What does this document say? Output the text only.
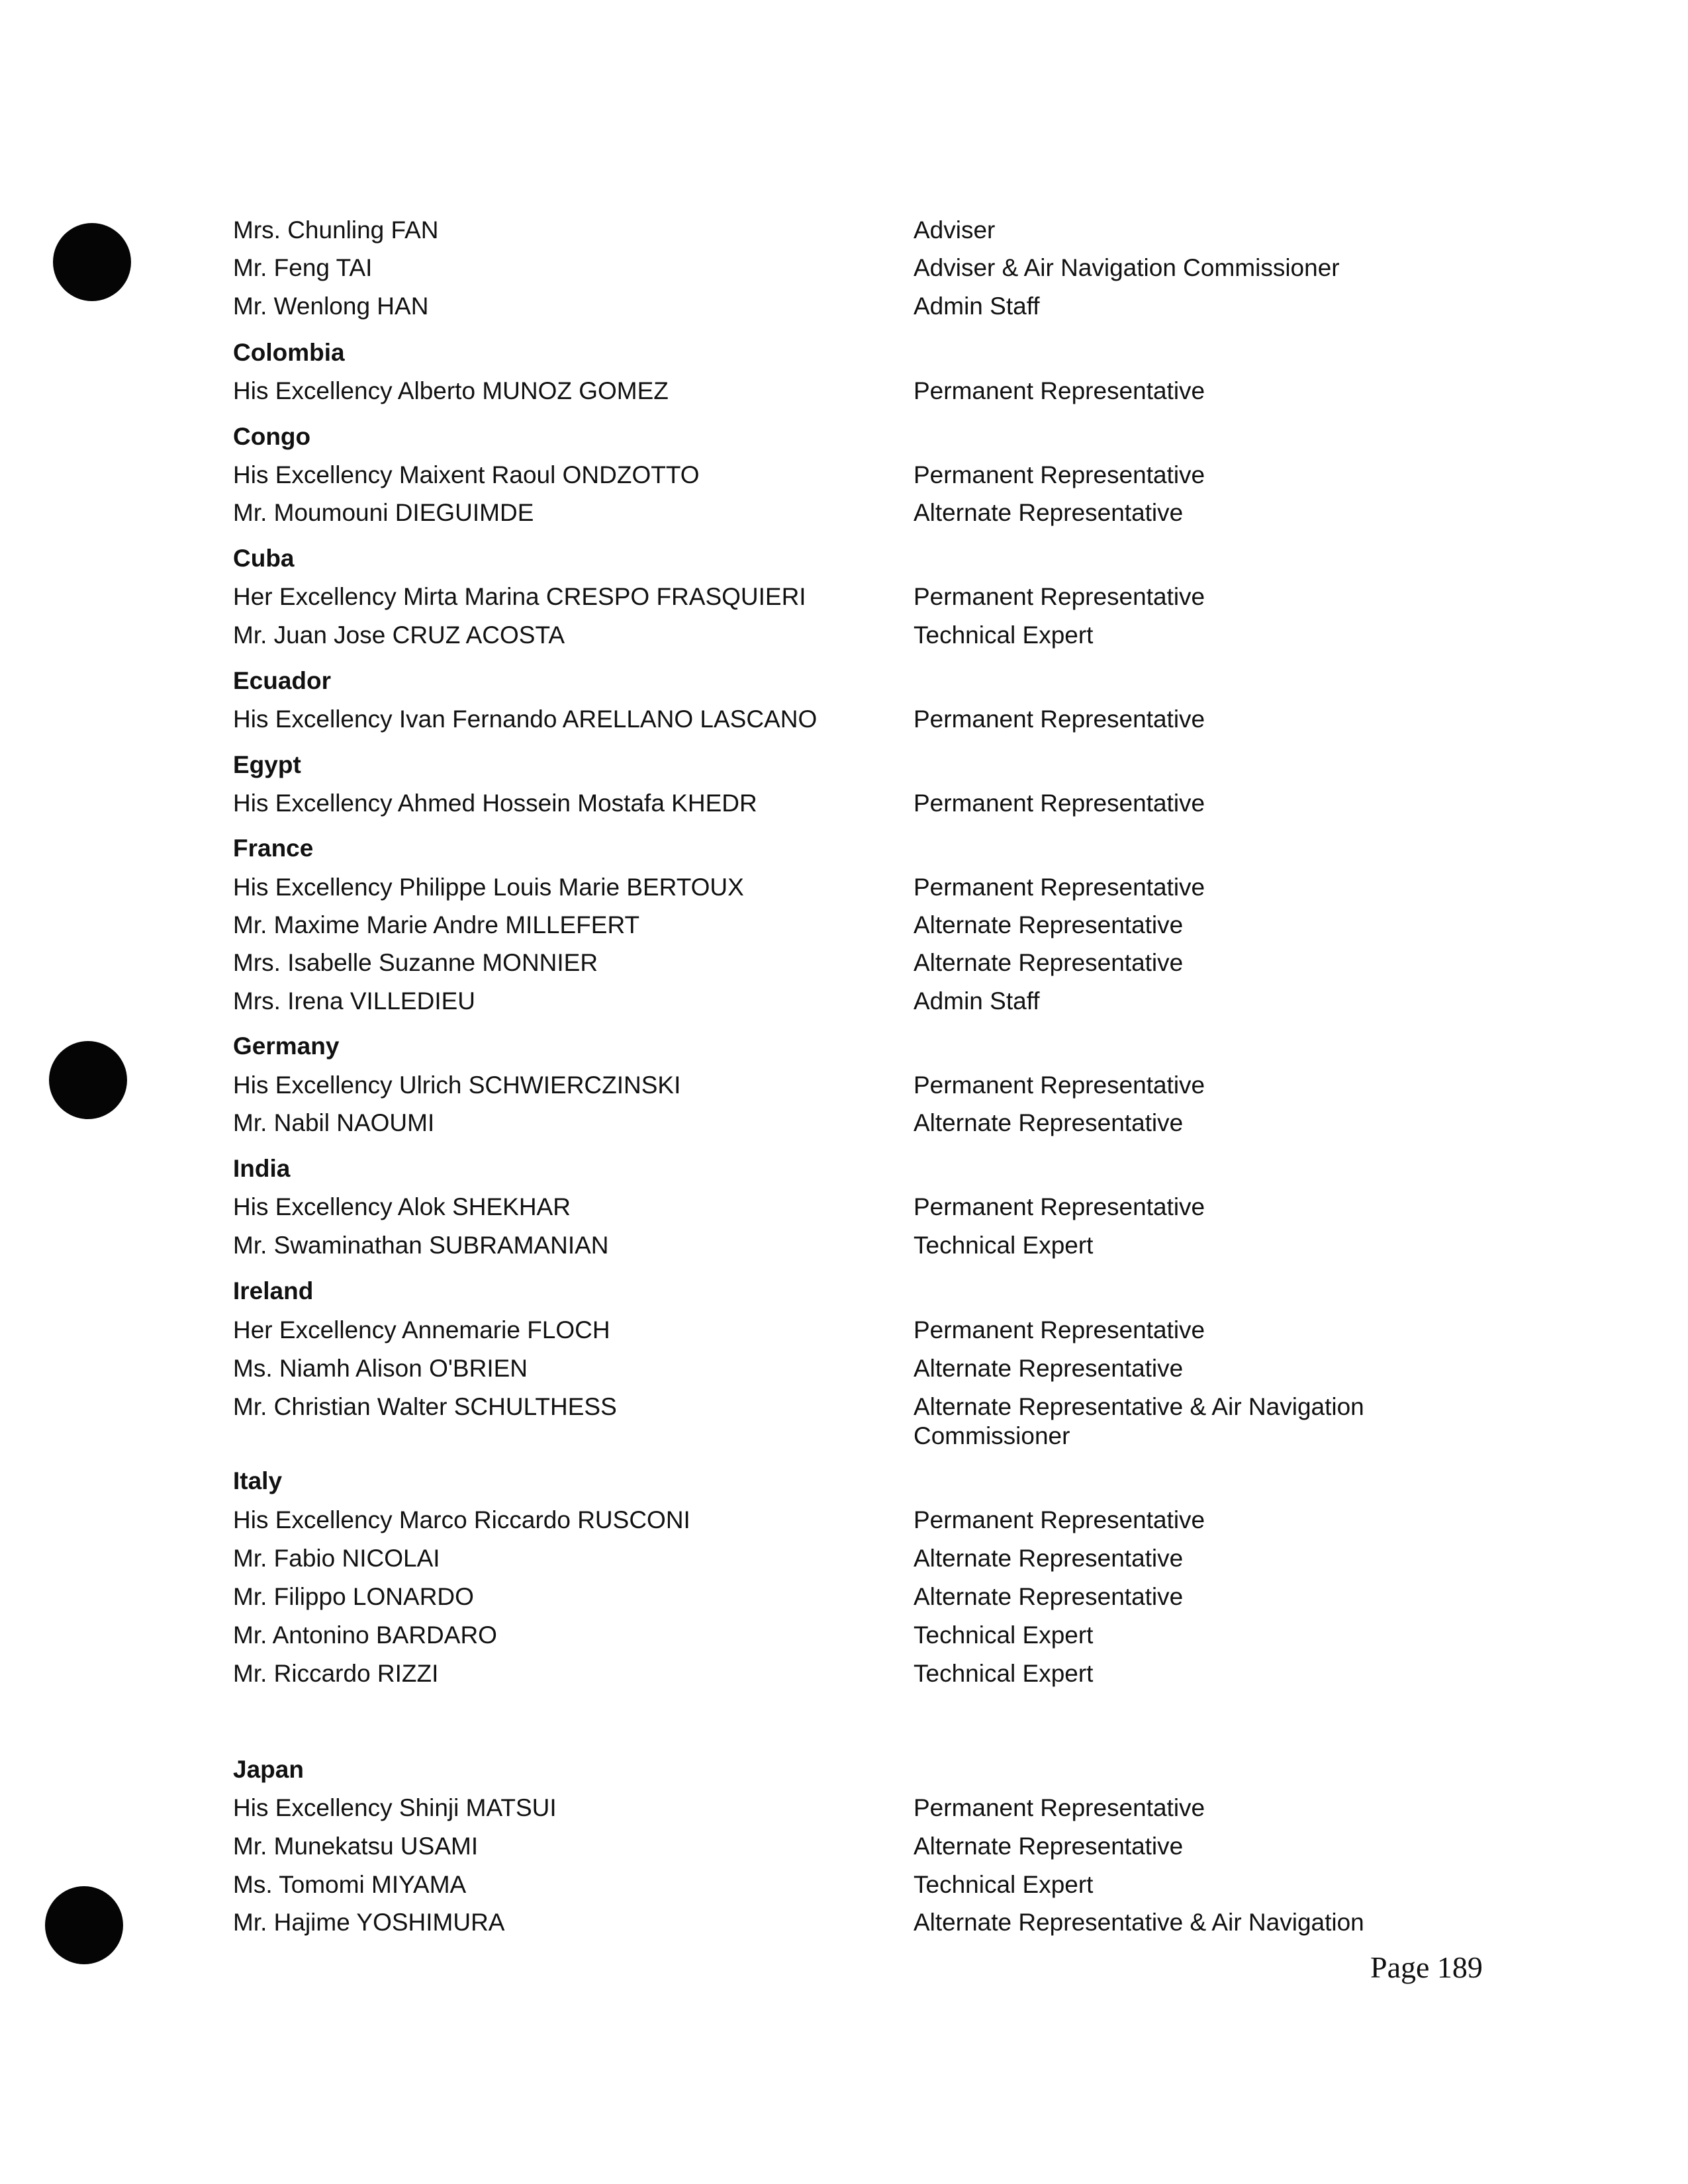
Mrs. Chunling FAN	Adviser
Mr. Feng TAI	Adviser & Air Navigation Commissioner
Mr. Wenlong HAN	Admin Staff
Colombia
His Excellency Alberto MUNOZ GOMEZ	Permanent Representative
Congo
His Excellency Maixent Raoul ONDZOTTO	Permanent Representative
Mr. Moumouni DIEGUIMDE	Alternate Representative
Cuba
Her Excellency Mirta Marina CRESPO FRASQUIERI	Permanent Representative
Mr. Juan Jose CRUZ ACOSTA	Technical Expert
Ecuador
His Excellency Ivan Fernando ARELLANO LASCANO	Permanent Representative
Egypt
His Excellency Ahmed Hossein Mostafa KHEDR	Permanent Representative
France
His Excellency Philippe Louis Marie BERTOUX	Permanent Representative
Mr. Maxime Marie Andre MILLEFERT	Alternate Representative
Mrs. Isabelle Suzanne MONNIER	Alternate Representative
Mrs. Irena VILLEDIEU	Admin Staff
Germany
His Excellency Ulrich SCHWIERCZINSKI	Permanent Representative
Mr. Nabil NAOUMI	Alternate Representative
India
His Excellency Alok SHEKHAR	Permanent Representative
Mr. Swaminathan SUBRAMANIAN	Technical Expert
Ireland
Her Excellency Annemarie FLOCH	Permanent Representative
Ms. Niamh Alison O'BRIEN	Alternate Representative
Mr. Christian Walter SCHULTHESS	Alternate Representative & Air Navigation Commissioner
Italy
His Excellency Marco Riccardo RUSCONI	Permanent Representative
Mr. Fabio NICOLAI	Alternate Representative
Mr. Filippo LONARDO	Alternate Representative
Mr. Antonino BARDARO	Technical Expert
Mr. Riccardo RIZZI	Technical Expert
Japan
His Excellency Shinji MATSUI	Permanent Representative
Mr. Munekatsu USAMI	Alternate Representative
Ms. Tomomi MIYAMA	Technical Expert
Mr. Hajime YOSHIMURA	Alternate Representative & Air Navigation
Page 189
